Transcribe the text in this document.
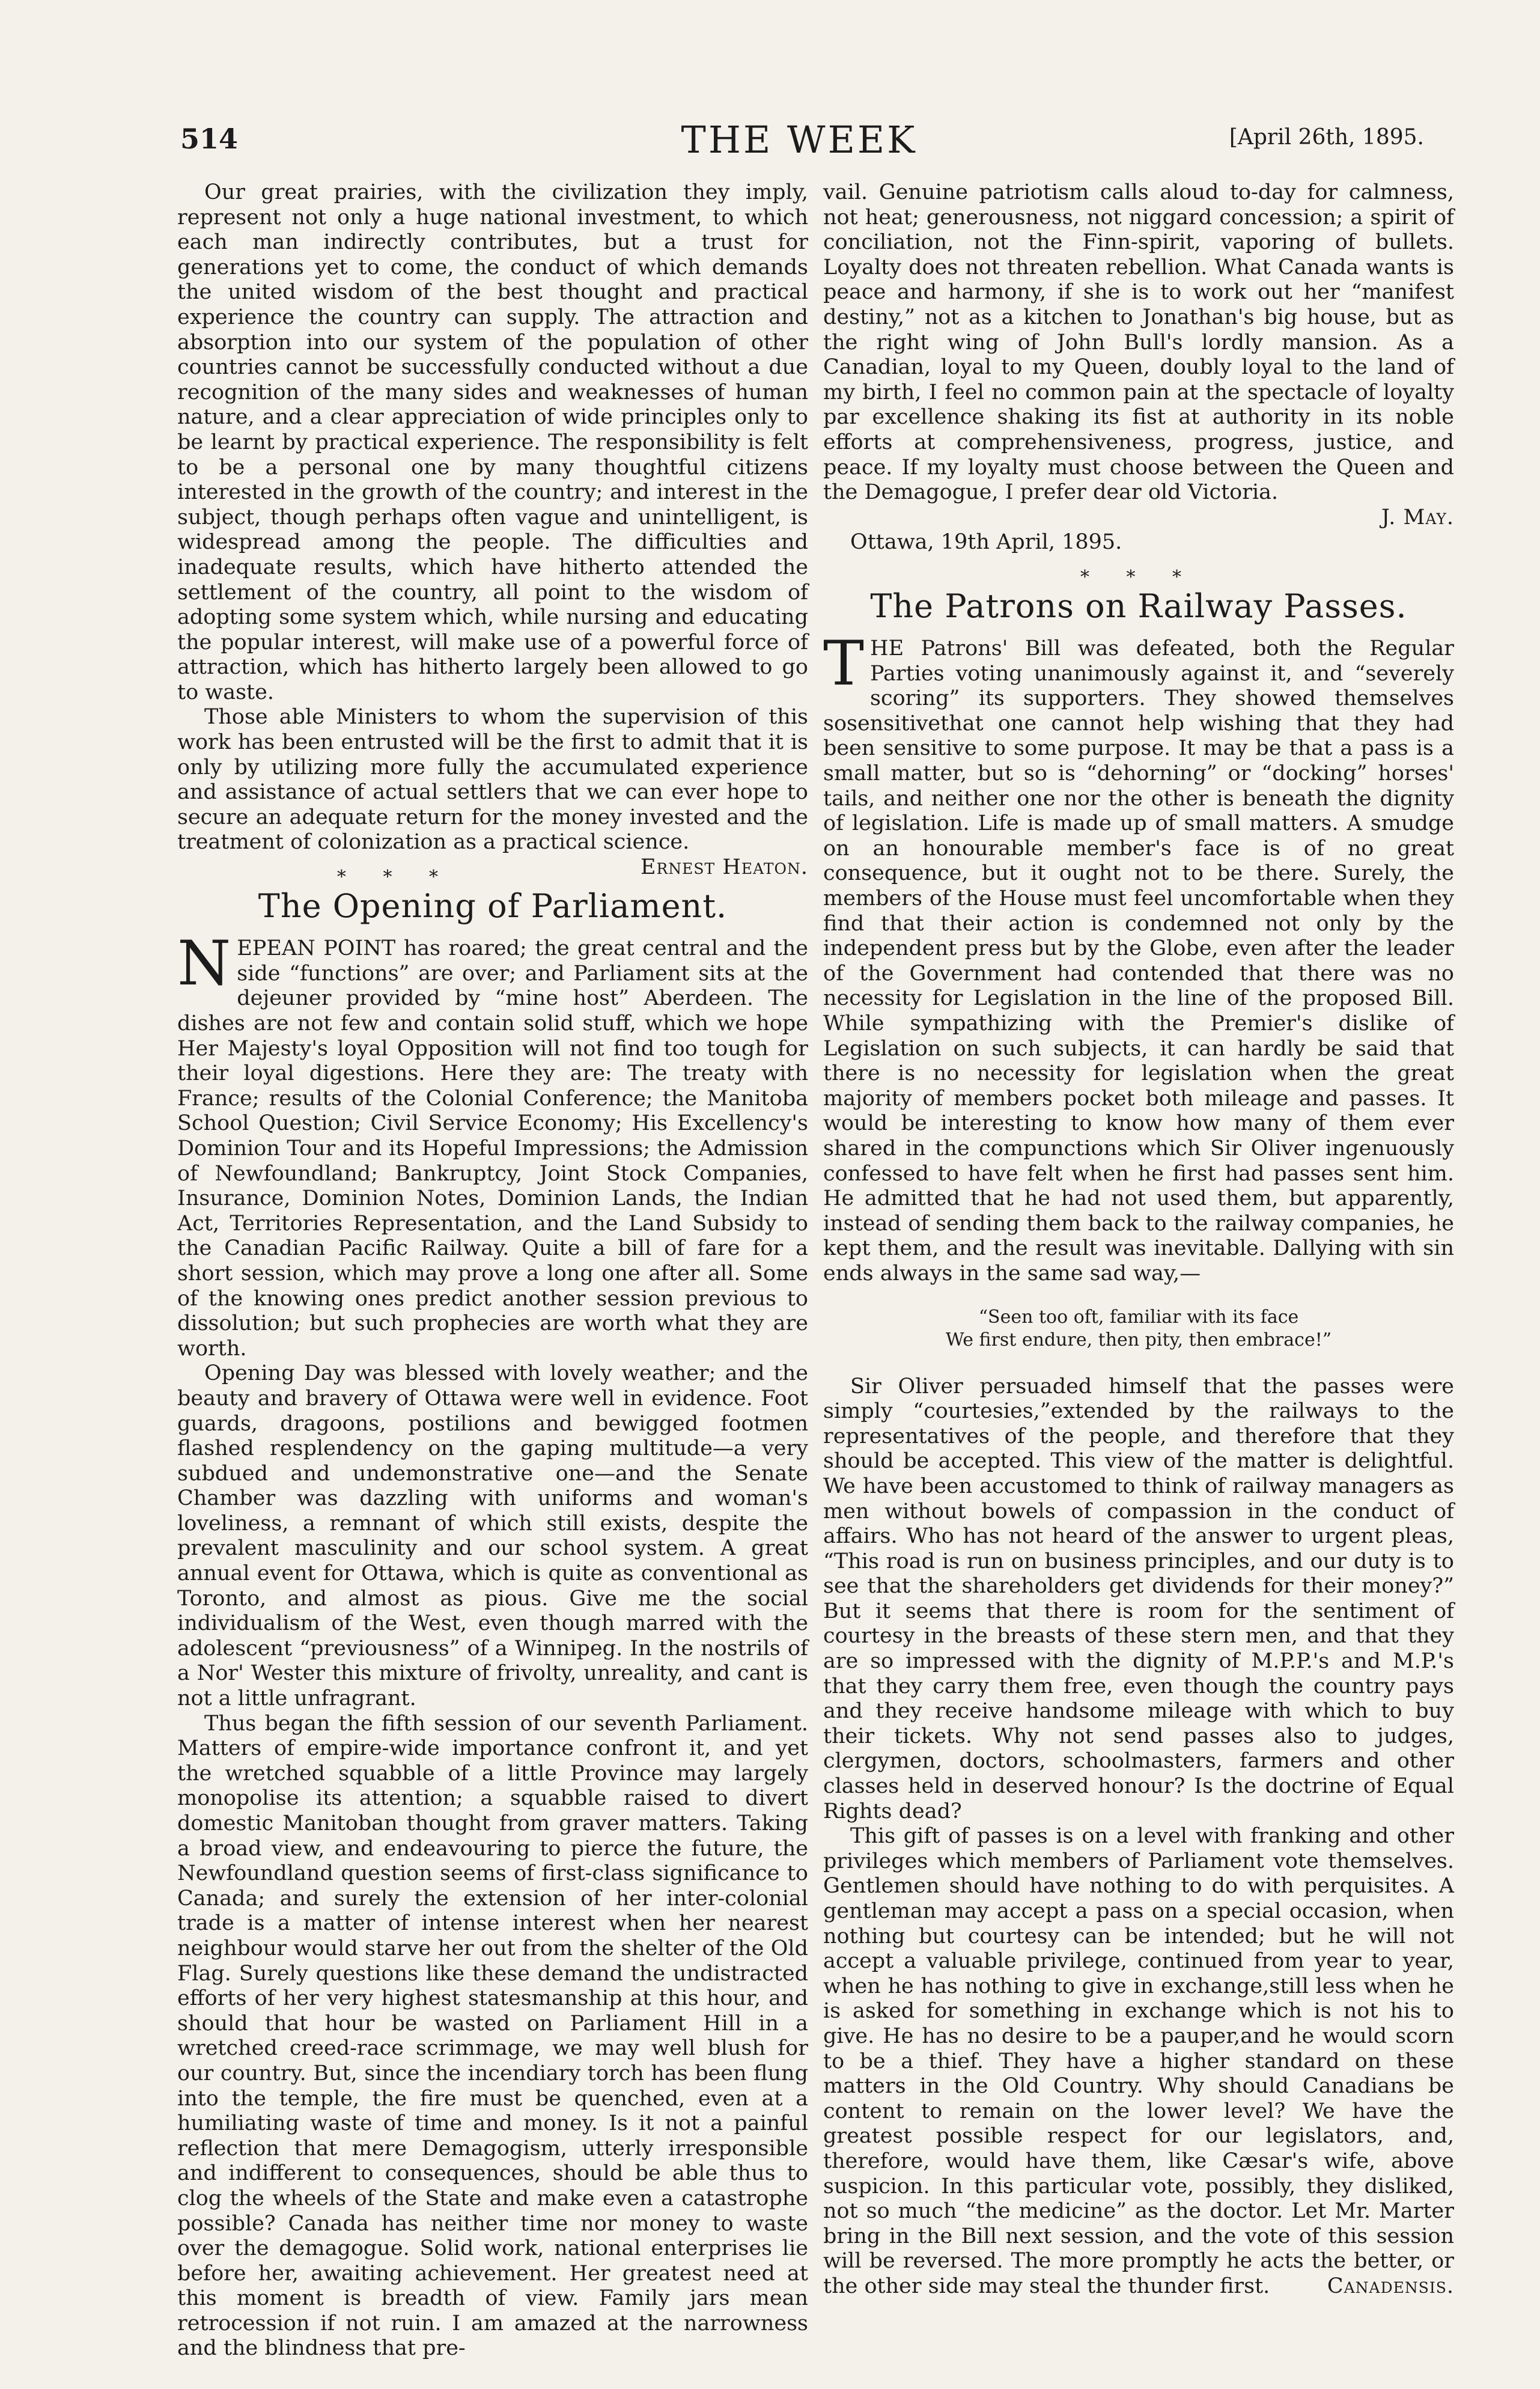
514	THE WEEK	[April 26th, 1895.

Our great prairies, with the civilization they imply, represent not only a huge national investment, to which each man indirectly contributes, but a trust for generations yet to come, the conduct of which demands the united wisdom of the best thought and practical experience the country can supply. The attraction and absorption into our system of the population of other countries cannot be successfully conducted without a due recognition of the many sides and weaknesses of human nature, and a clear appreciation of wide principles only to be learnt by practical experience. The responsibility is felt to be a personal one by many thoughtful citizens interested in the growth of the country; and interest in the subject, though perhaps often vague and unintelligent, is widespread among the people. The difficulties and inadequate results, which have hitherto attended the settlement of the country, all point to the wisdom of adopting some system which, while nursing and educating the popular interest, will make use of a powerful force of attraction, which has hitherto largely been allowed to go to waste.

Those able Ministers to whom the supervision of this work has been entrusted will be the first to admit that it is only by utilizing more fully the accumulated experience and assistance of actual settlers that we can ever hope to secure an adequate return for the money invested and the treatment of colonization as a practical science.
Ernest Heaton.

* * *
The Opening of Parliament.

NEPEAN POINT has roared; the great central and the side “functions” are over; and Parliament sits at the dejeuner provided by “mine host” Aberdeen. The dishes are not few and contain solid stuff, which we hope Her Majesty's loyal Opposition will not find too tough for their loyal digestions. Here they are: The treaty with France; results of the Colonial Conference; the Manitoba School Question; Civil Service Economy; His Excellency's Dominion Tour and its Hopeful Impressions; the Admission of Newfoundland; Bankruptcy, Joint Stock Companies, Insurance, Dominion Notes, Dominion Lands, the Indian Act, Territories Representation, and the Land Subsidy to the Canadian Pacific Railway. Quite a bill of fare for a short session, which may prove a long one after all. Some of the knowing ones predict another session previous to dissolution; but such prophecies are worth what they are worth.

Opening Day was blessed with lovely weather; and the beauty and bravery of Ottawa were well in evidence. Foot guards, dragoons, postilions and bewigged footmen flashed resplendency on the gaping multitude—a very subdued and undemonstrative one—and the Senate Chamber was dazzling with uniforms and woman's loveliness, a remnant of which still exists, despite the prevalent masculinity and our school system. A great annual event for Ottawa, which is quite as conventional as Toronto, and almost as pious. Give me the social individualism of the West, even though marred with the adolescent “previousness” of a Winnipeg. In the nostrils of a Nor' Wester this mixture of frivolty, unreality, and cant is not a little unfragrant.

Thus began the fifth session of our seventh Parliament. Matters of empire-wide importance confront it, and yet the wretched squabble of a little Province may largely monopolise its attention; a squabble raised to divert domestic Manitoban thought from graver matters. Taking a broad view, and endeavouring to pierce the future, the Newfoundland question seems of first-class significance to Canada; and surely the extension of her inter-colonial trade is a matter of intense interest when her nearest neighbour would starve her out from the shelter of the Old Flag. Surely questions like these demand the undistracted efforts of her very highest statesmanship at this hour, and should that hour be wasted on Parliament Hill in a wretched creed-race scrimmage, we may well blush for our country. But, since the incendiary torch has been flung into the temple, the fire must be quenched, even at a humiliating waste of time and money. Is it not a painful reflection that mere Demagogism, utterly irresponsible and indifferent to consequences, should be able thus to clog the wheels of the State and make even a catastrophe possible? Canada has neither time nor money to waste over the demagogue. Solid work, national enterprises lie before her, awaiting achievement. Her greatest need at this moment is breadth of view. Family jars mean retrocession if not ruin. I am amazed at the narrowness and the blindness that pre-

vail. Genuine patriotism calls aloud to-day for calmness, not heat; generousness, not niggard concession; a spirit of conciliation, not the Finn-spirit, vaporing of bullets. Loyalty does not threaten rebellion. What Canada wants is peace and harmony, if she is to work out her “manifest destiny,” not as a kitchen to Jonathan's big house, but as the right wing of John Bull's lordly mansion. As a Canadian, loyal to my Queen, doubly loyal to the land of my birth, I feel no common pain at the spectacle of loyalty par excellence shaking its fist at authority in its noble efforts at comprehensiveness, progress, justice, and peace. If my loyalty must choose between the Queen and the Demagogue, I prefer dear old Victoria.

J. May.

Ottawa, 19th April, 1895.

* * *
The Patrons on Railway Passes.

THE Patrons' Bill was defeated, both the Regular Parties voting unanimously against it, and “severely scoring” its supporters. They showed themselves sosensitivethat one cannot help wishing that they had been sensitive to some purpose. It may be that a pass is a small matter, but so is “dehorning” or “docking” horses' tails, and neither one nor the other is beneath the dignity of legislation. Life is made up of small matters. A smudge on an honourable member's face is of no great consequence, but it ought not to be there. Surely, the members of the House must feel uncomfortable when they find that their action is condemned not only by the independent press but by the Globe, even after the leader of the Government had contended that there was no necessity for Legislation in the line of the proposed Bill. While sympathizing with the Premier's dislike of Legislation on such subjects, it can hardly be said that there is no necessity for legislation when the great majority of members pocket both mileage and passes. It would be interesting to know how many of them ever shared in the compunctions which Sir Oliver ingenuously confessed to have felt when he first had passes sent him. He admitted that he had not used them, but apparently, instead of sending them back to the railway companies, he kept them, and the result was inevitable. Dallying with sin ends always in the same sad way,—

“Seen too oft, familiar with its face
We first endure, then pity, then embrace!”

Sir Oliver persuaded himself that the passes were simply “courtesies,”extended by the railways to the representatives of the people, and therefore that they should be accepted. This view of the matter is delightful. We have been accustomed to think of railway managers as men without bowels of compassion in the conduct of affairs. Who has not heard of the answer to urgent pleas, “This road is run on business principles, and our duty is to see that the shareholders get dividends for their money?” But it seems that there is room for the sentiment of courtesy in the breasts of these stern men, and that they are so impressed with the dignity of M.P.P.'s and M.P.'s that they carry them free, even though the country pays and they receive handsome mileage with which to buy their tickets. Why not send passes also to judges, clergymen, doctors, schoolmasters, farmers and other classes held in deserved honour? Is the doctrine of Equal Rights dead?

This gift of passes is on a level with franking and other privileges which members of Parliament vote themselves. Gentlemen should have nothing to do with perquisites. A gentleman may accept a pass on a special occasion, when nothing but courtesy can be intended; but he will not accept a valuable privilege, continued from year to year, when he has nothing to give in exchange,still less when he is asked for something in exchange which is not his to give. He has no desire to be a pauper,and he would scorn to be a thief. They have a higher standard on these matters in the Old Country. Why should Canadians be content to remain on the lower level? We have the greatest possible respect for our legislators, and, therefore, would have them, like Cæsar's wife, above suspicion. In this particular vote, possibly, they disliked, not so much “the medicine” as the doctor. Let Mr. Marter bring in the Bill next session, and the vote of this session will be reversed. The more promptly he acts the better, or the other side may steal the thunder first.	Canadensis.
